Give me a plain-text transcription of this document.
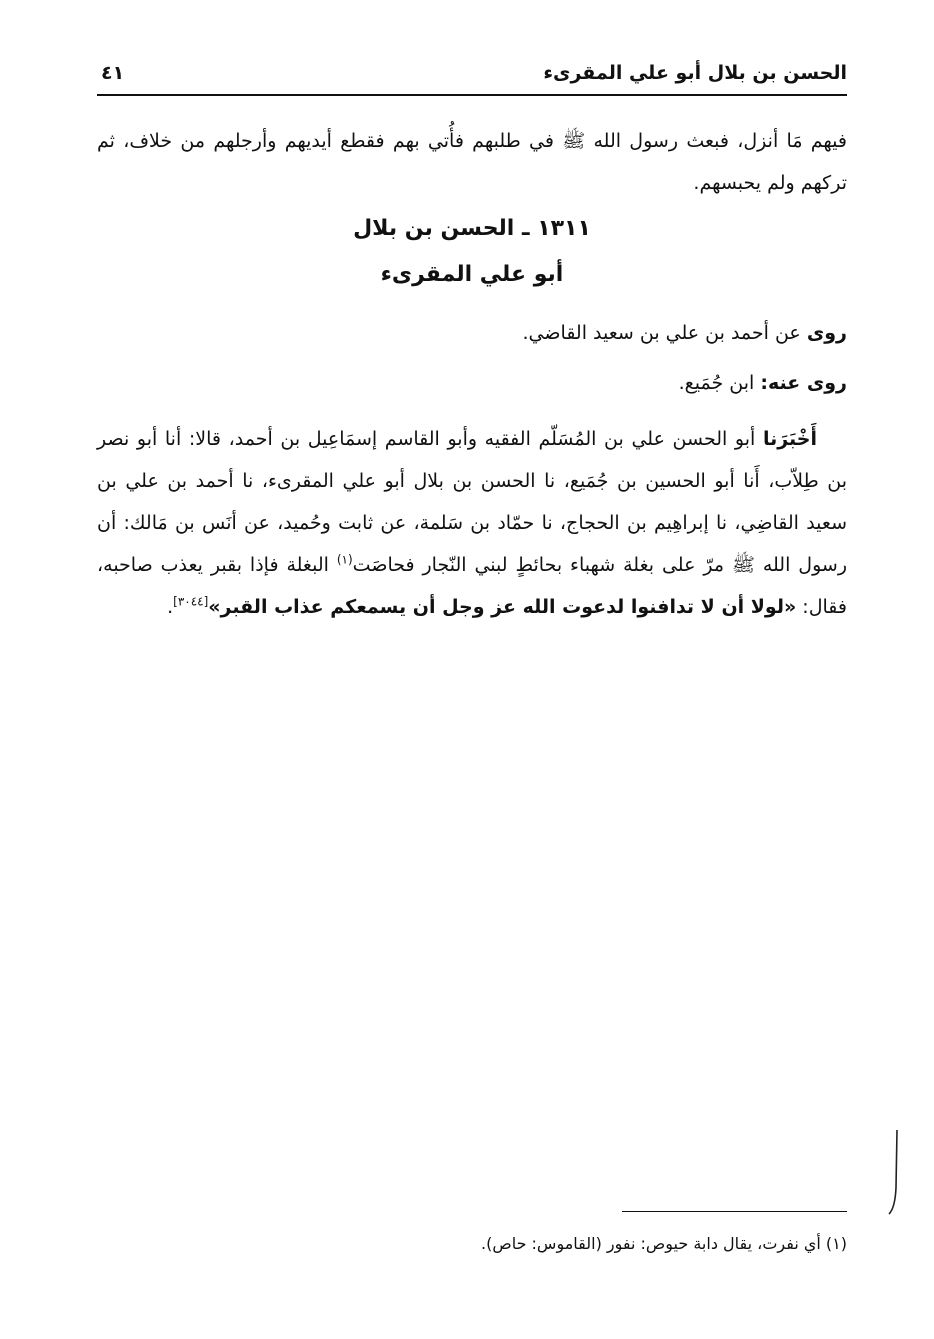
الحسن بن بلال أبو علي المقرىء
٤١
فيهم مَا أنزل، فبعث رسول الله ﷺ في طلبهم فأُتي بهم فقطع أيديهم وأرجلهم من خلاف، ثم تركهم ولم يحبسهم.
١٣١١ ـ الحسن بن بلال
أبو علي المقرىء
روى عن أحمد بن علي بن سعيد القاضي.
روى عنه: ابن جُمَيع.
أَخْبَرَنا أبو الحسن علي بن المُسَلّم الفقيه وأبو القاسم إسمَاعِيل بن أحمد، قالا: أنا أبو نصر بن طِلاّب، أَنا أبو الحسين بن جُمَيع، نا الحسن بن بلال أبو علي المقرىء، نا أحمد بن علي بن سعيد القاضِي، نا إبراهِيم بن الحجاج، نا حمّاد بن سَلمة، عن ثابت وحُميد، عن أنَس بن مَالك: أن رسول الله ﷺ مرّ على بغلة شهباء بحائطٍ لبني النّجار فحاصَت$^{(١)}$ البغلة فإذا بقبر يعذب صاحبه، فقال: «لولا أن لا تدافنوا لدعوت الله عز وجل أن يسمعكم عذاب القبر»[٣٠٤٤].
(١) أي نفرت، يقال دابة حيوص: نفور (القاموس: حاص).
